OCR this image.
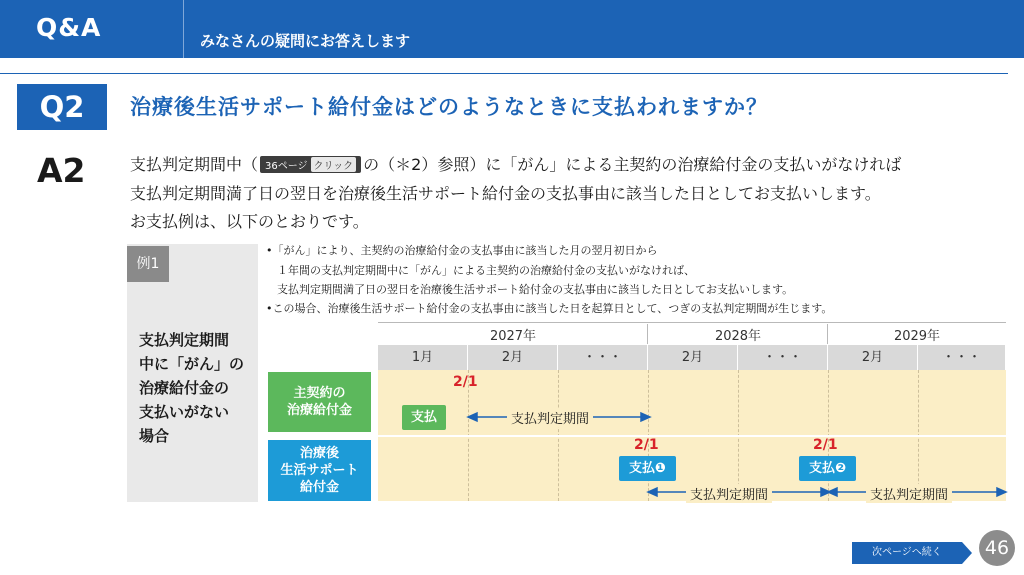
Q&A	みなさんの疑問にお答えします
Q2	治療後生活サポート給付金はどのようなときに支払われますか？
A2	支払判定期間中（ 36ページ クリック の（＊2）参照）に「がん」による主契約の治療給付金の支払いがなければ
支払判定期間満了日の翌日を治療後生活サポート給付金の支払事由に該当した日としてお支払いします。
お支払例は、以下のとおりです。
例1
支払判定期間
中に「がん」の
治療給付金の
支払いがない
場合
•「がん」により、主契約の治療給付金の支払事由に該当した月の翌月初日から
　１年間の支払判定期間中に「がん」による主契約の治療給付金の支払いがなければ、
　支払判定期間満了日の翌日を治療後生活サポート給付金の支払事由に該当した日としてお支払いします。
•この場合、治療後生活サポート給付金の支払事由に該当した日を起算日として、つぎの支払判定期間が生じます。
2027年	2028年	2029年
1月	2月	・・・	2月	・・・	2月	・・・
主契約の
治療給付金
治療後
生活サポート
給付金
2/1
支払	支払判定期間
2/1	2/1
支払❶	支払❷
支払判定期間	支払判定期間
次ページへ続く	46
